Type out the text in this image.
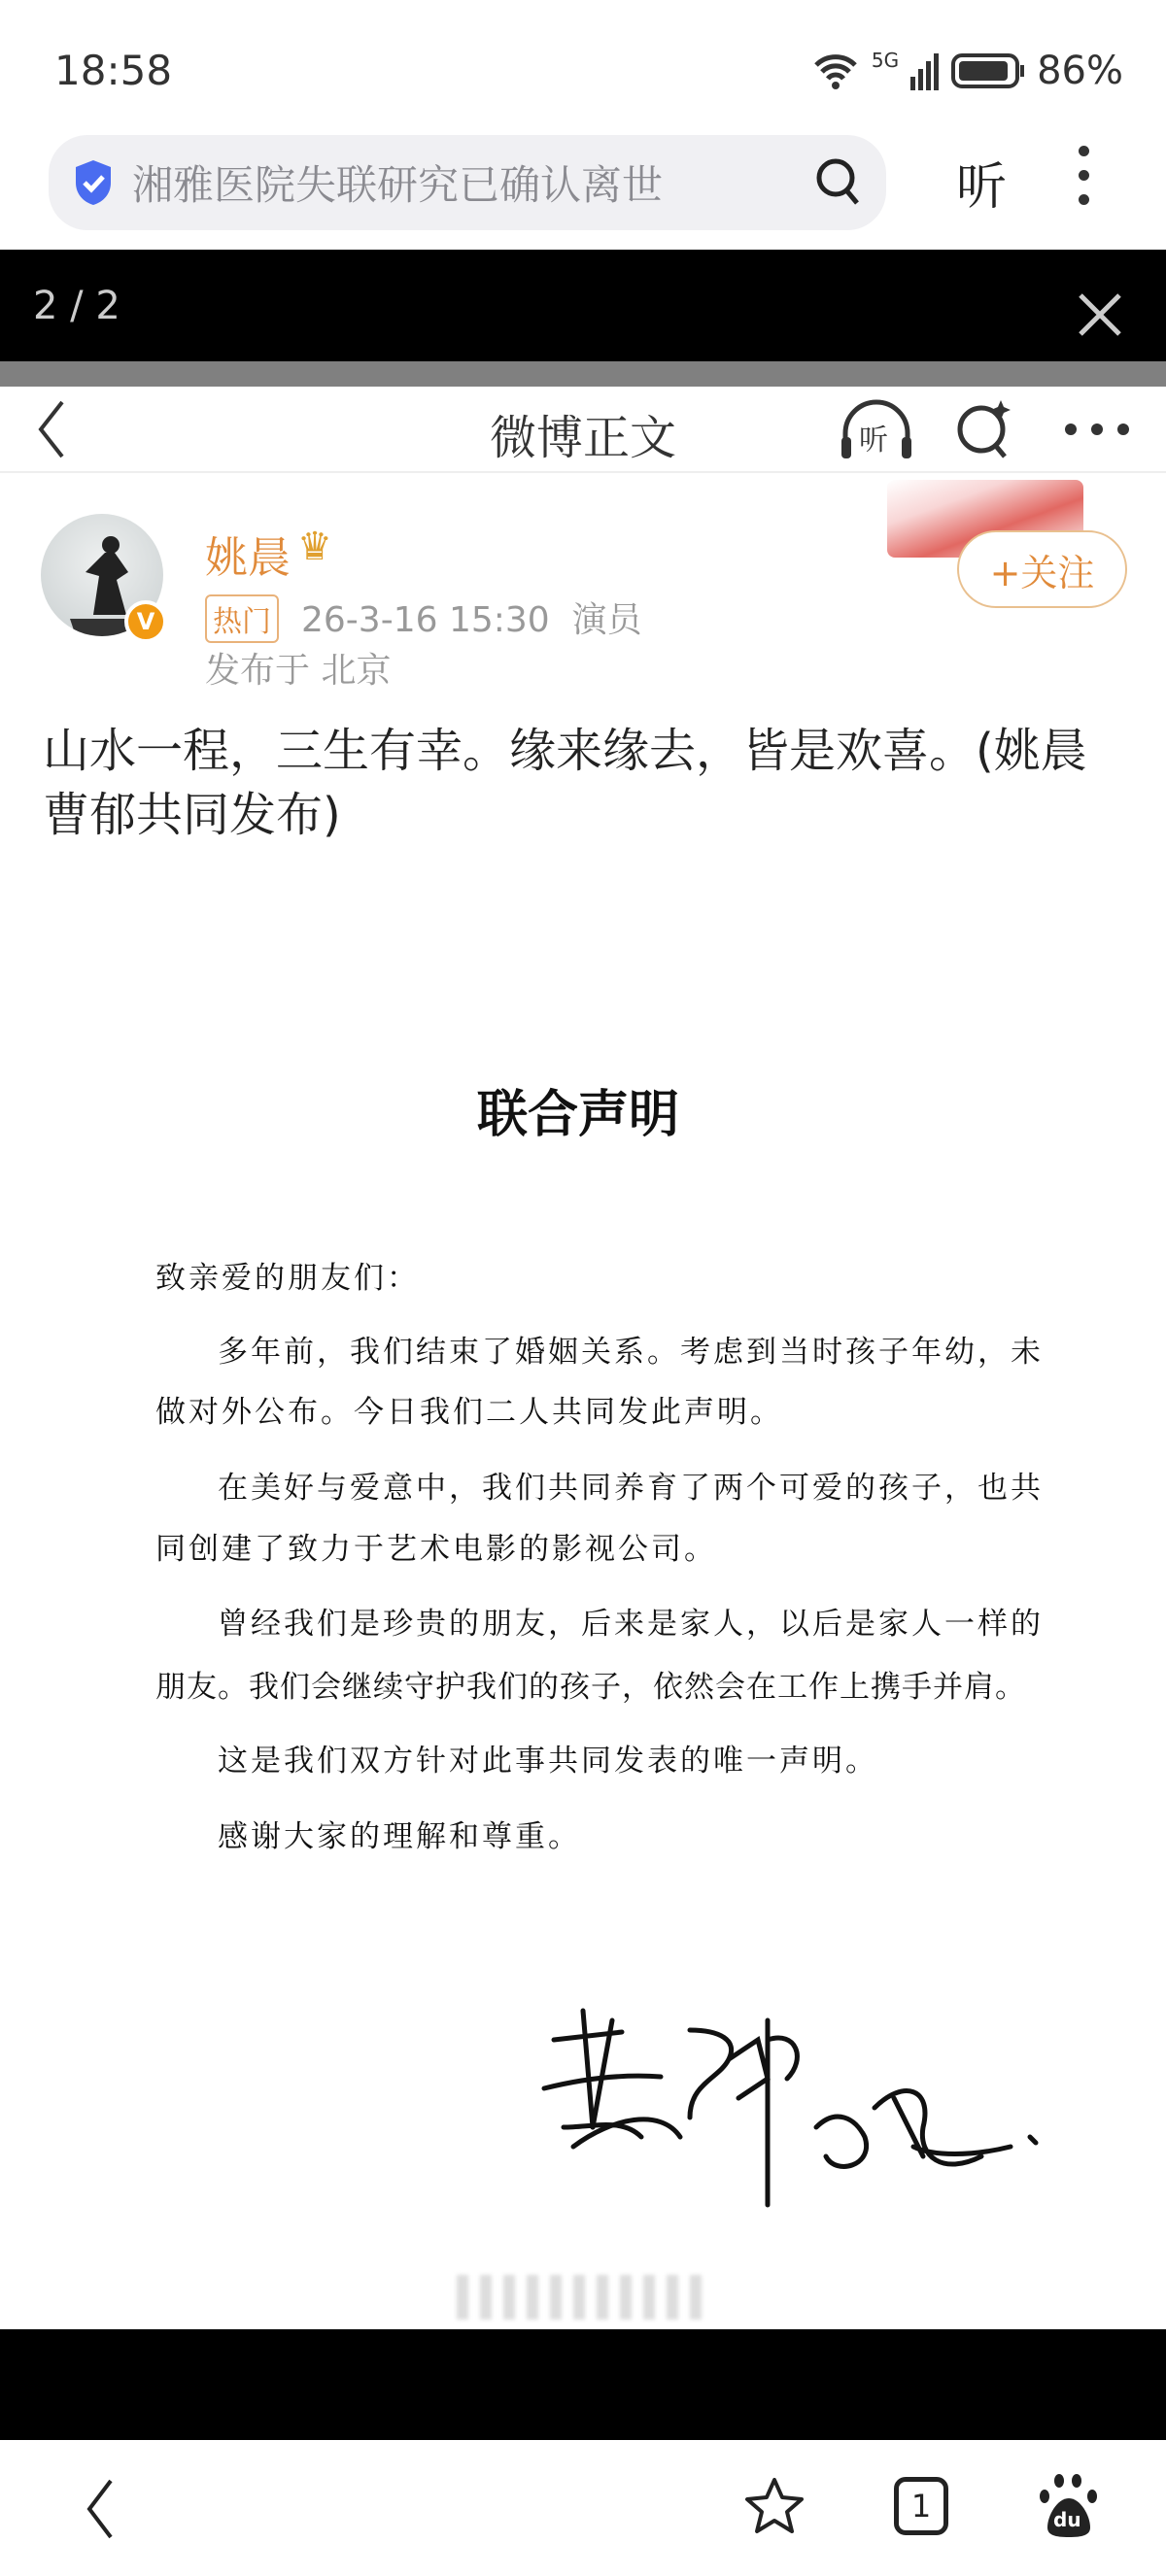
18:58	5G	86%
湘雅医院失联研究已确认离世	听
2 / 2
微博正文	听
V
姚晨 ♛
热门 26-3-16 15:30 演员
发布于 北京
+关注
山水一程，三生有幸。缘来缘去，皆是欢喜。(姚晨曹郁共同发布)
联合声明
致亲爱的朋友们：
多年前，我们结束了婚姻关系。考虑到当时孩子年幼，未
做对外公布。今日我们二人共同发此声明。
在美好与爱意中，我们共同养育了两个可爱的孩子，也共
同创建了致力于艺术电影的影视公司。
曾经我们是珍贵的朋友，后来是家人，以后是家人一样的
朋友。我们会继续守护我们的孩子，依然会在工作上携手并肩。
这是我们双方针对此事共同发表的唯一声明。
感谢大家的理解和尊重。
1	du
